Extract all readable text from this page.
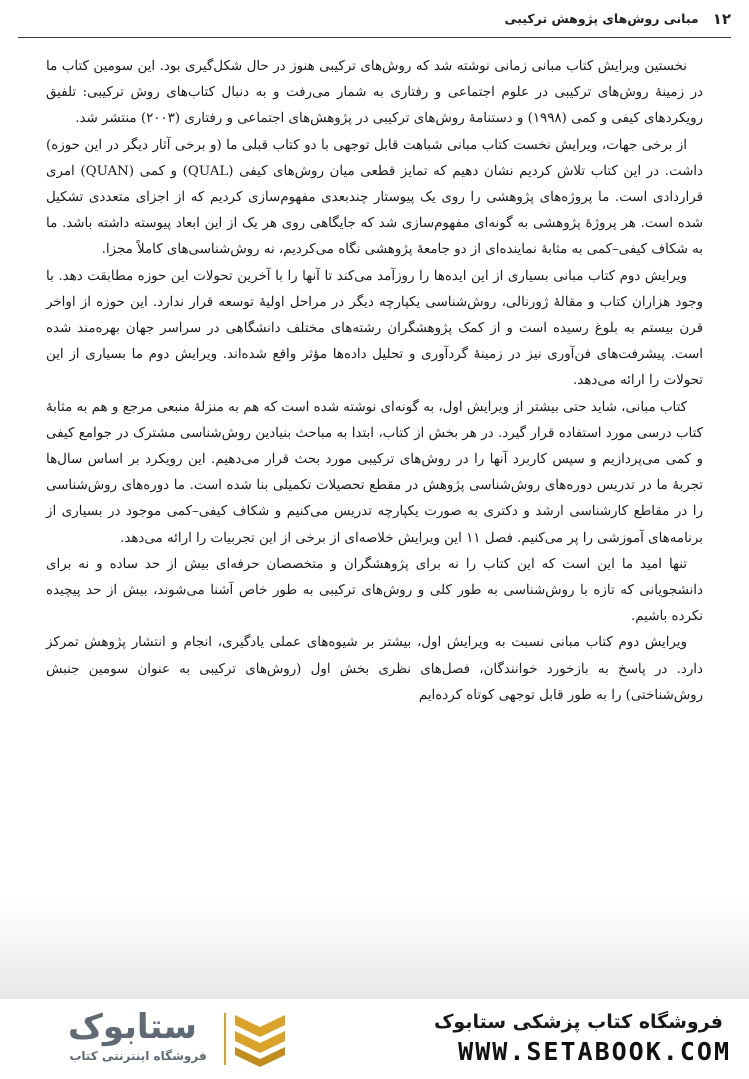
۱۲
مبانی روش‌های پژوهش ترکیبی

نخستین ویرایش کتاب مبانی زمانی نوشته شد که روش‌های ترکیبی هنوز در حال شکل‌گیری بود. این سومین کتاب ما در زمینهٔ روش‌های ترکیبی در علوم اجتماعی و رفتاری به شمار می‌رفت و به دنبال کتاب‌های روش ترکیبی: تلفیق رویکردهای کیفی و کمی (۱۹۹۸) و دستنامهٔ روش‌های ترکیبی در پژوهش‌های اجتماعی و رفتاری (۲۰۰۳) منتشر شد.

از برخی جهات، ویرایش نخست کتاب مبانی شباهت قابل توجهی با دو کتاب قبلی ما (و برخی آثار دیگر در این حوزه) داشت. در این کتاب تلاش کردیم نشان دهیم که تمایز قطعی میان روش‌های کیفی (QUAL) و کمی (QUAN) امری قراردادی است. ما پروژه‌های پژوهشی را روی یک پیوستار چندبعدی مفهوم‌سازی کردیم که از اجزای متعددی تشکیل شده است. هر پروژهٔ پژوهشی به گونه‌ای مفهوم‌سازی شد که جایگاهی روی هر یک از این ابعاد پیوسته داشته باشد. ما به شکاف کیفی–کمی به مثابهٔ نماینده‌ای از دو جامعهٔ پژوهشی نگاه می‌کردیم، نه روش‌شناسی‌های کاملاً مجزا.

ویرایش دوم کتاب مبانی بسیاری از این ایده‌ها را روزآمد می‌کند تا آنها را با آخرین تحولات این حوزه مطابقت دهد. با وجود هزاران کتاب و مقالهٔ ژورنالی، روش‌شناسی یکپارچه دیگر در مراحل اولیهٔ توسعه قرار ندارد. این حوزه از اواخر قرن بیستم به بلوغ رسیده است و از کمک پژوهشگران رشته‌های مختلف دانشگاهی در سراسر جهان بهره‌مند شده است. پیشرفت‌های فن‌آوری نیز در زمینهٔ گردآوری و تحلیل داده‌ها مؤثر واقع شده‌اند. ویرایش دوم ما بسیاری از این تحولات را ارائه می‌دهد.

کتاب مبانی، شاید حتی بیشتر از ویرایش اول، به گونه‌ای نوشته شده است که هم به منزلهٔ منبعی مرجع و هم به مثابهٔ کتاب درسی مورد استفاده قرار گیرد. در هر بخش از کتاب، ابتدا به مباحث بنیادین روش‌شناسی مشترک در جوامع کیفی و کمی می‌پردازیم و سپس کاربرد آنها را در روش‌های ترکیبی مورد بحث قرار می‌دهیم. این رویکرد بر اساس سال‌ها تجربهٔ ما در تدریس دوره‌های روش‌شناسی پژوهش در مقطع تحصیلات تکمیلی بنا شده است. ما دوره‌های روش‌شناسی را در مقاطع کارشناسی ارشد و دکتری به صورت یکپارچه تدریس می‌کنیم و شکاف کیفی–کمی موجود در بسیاری از برنامه‌های آموزشی را پر می‌کنیم. فصل ۱۱ این ویرایش خلاصه‌ای از برخی از این تجربیات را ارائه می‌دهد.

تنها امید ما این است که این کتاب را نه برای پژوهشگران و متخصصان حرفه‌ای بیش از حد ساده و نه برای دانشجویانی که تازه با روش‌شناسی به طور کلی و روش‌های ترکیبی به طور خاص آشنا می‌شوند، بیش از حد پیچیده نکرده باشیم.

ویرایش دوم کتاب مبانی نسبت به ویرایش اول، بیشتر بر شیوه‌های عملی یادگیری، انجام و انتشار پژوهش تمرکز دارد. در پاسخ به بازخورد خوانندگان، فصل‌های نظری بخش اول (روش‌های ترکیبی به عنوان سومین جنبش روش‌شناختی) را به طور قابل توجهی کوتاه کرده‌ایم

ستابوک
فروشگاه اینترنتی کتاب
فروشگاه کتاب پزشکی ستابوک
WWW.SETABOOK.COM
